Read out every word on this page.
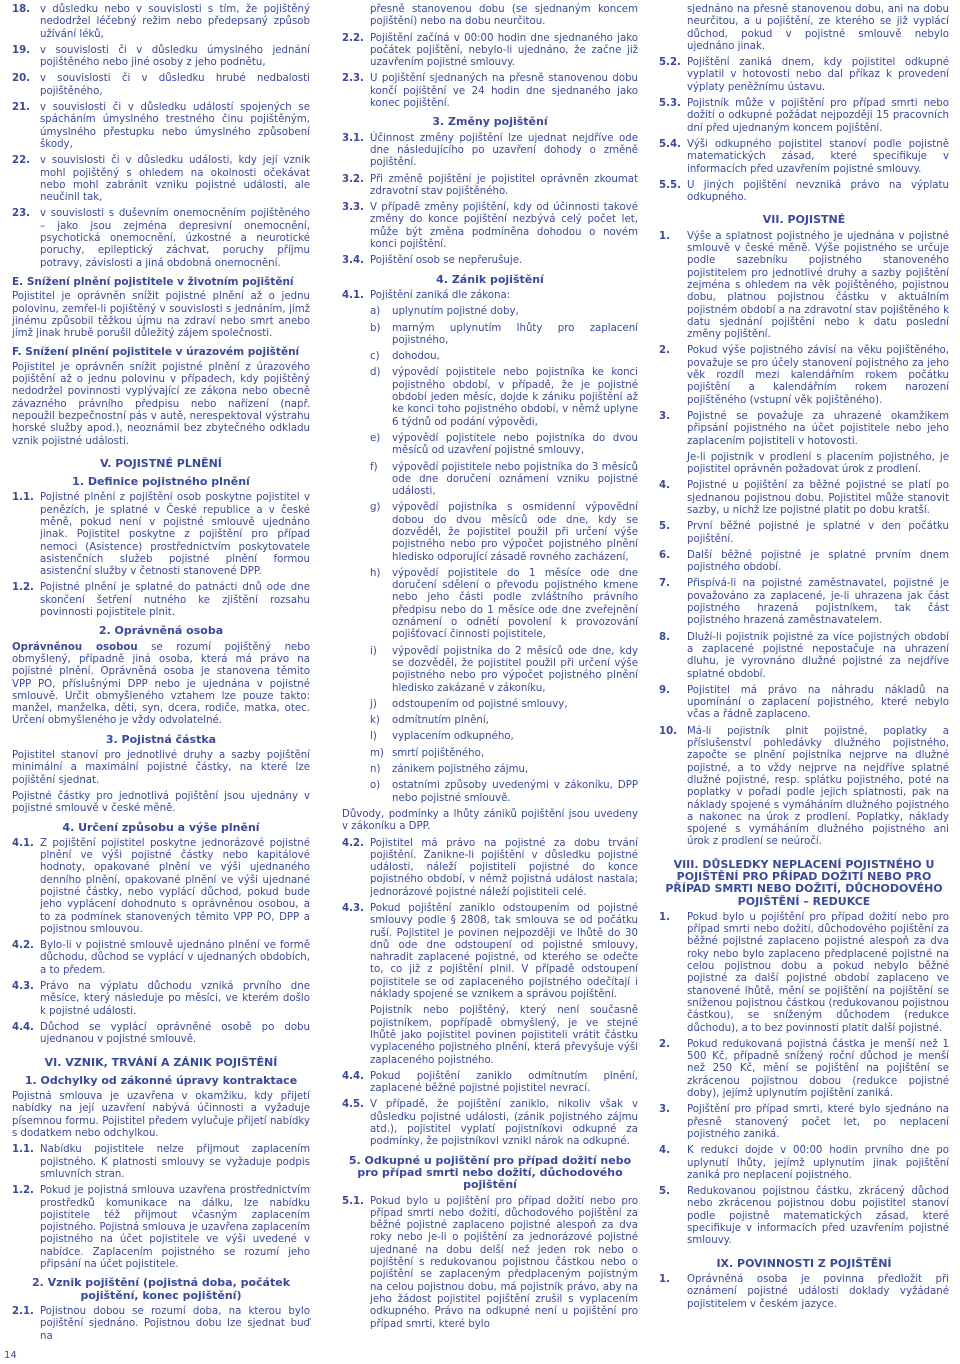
18. v důsledku nebo v souvislosti s tím, že pojištěný nedodržel léčebný režim nebo předepsaný způsob užívání léků,
19. v souvislosti či v důsledku úmyslného jednání pojištěného nebo jiné osoby z jeho podnětu,
20. v souvislosti či v důsledku hrubé nedbalosti pojištěného,
21. v souvislosti či v důsledku událostí spojených se spácháním úmyslného trestného činu pojištěným, úmyslného přestupku nebo úmyslného způsobení škody,
22. v souvislosti či v důsledku události, kdy její vznik mohl pojištěný s ohledem na okolnosti očekávat nebo mohl zabránit vzniku pojistné události, ale neučinil tak,
23. v souvislosti s duševním onemocněním pojištěného – jako jsou zejména depresivní onemocnění, psychotická onemocnění, úzkostné a neurotické poruchy, epileptický záchvat, poruchy příjmu potravy, závislosti a jiná obdobná onemocnění.
E. Snížení plnění pojistitele v životním pojištění
Pojistitel je oprávněn snížit pojistné plnění až o jednu polovinu, zemřel-li pojištěný v souvislosti s jednáním, jímž jinému způsobil těžkou újmu na zdraví nebo smrt anebo jímž jinak hrubě porušil důležitý zájem společnosti.
F. Snížení plnění pojistitele v úrazovém pojištění
Pojistitel je oprávněn snížit pojistné plnění z úrazového pojištění až o jednu polovinu v případech, kdy pojištěný nedodržel povinnosti vyplývající ze zákona nebo obecně závazného právního předpisu nebo nařízení (např. nepoužil bezpečnostní pás v autě, nerespektoval výstrahu horské služby apod.), neoznámil bez zbytečného odkladu vznik pojistné události.
V. POJISTNÉ PLNĚNÍ
1. Definice pojistného plnění
1.1. Pojistné plnění z pojištění osob poskytne pojistitel v penězích, je splatné v České republice a v české měně, pokud není v pojistné smlouvě ujednáno jinak. Pojistitel poskytne z pojištění pro případ nemoci (Asistence) prostřednictvím poskytovatele asistenčních služeb pojistné plnění formou asistenční služby v četnosti stanovené DPP.
1.2. Pojistné plnění je splatné do patnácti dnů ode dne skončení šetření nutného ke zjištění rozsahu povinnosti pojistitele plnit.
2. Oprávněná osoba
Oprávněnou osobou se rozumí pojištěný nebo obmyšlený, případně jiná osoba, která má právo na pojistné plnění. Oprávněná osoba je stanovena těmito VPP PO, příslušnými DPP nebo je ujednána v pojistné smlouvě. Určit obmyšleného vztahem lze pouze takto: manžel, manželka, děti, syn, dcera, rodiče, matka, otec. Určení obmyšleného je vždy odvolatelné.
3. Pojistná částka
Pojistitel stanoví pro jednotlivé druhy a sazby pojištění minimální a maximální pojistné částky, na které lze pojištění sjednat.
Pojistné částky pro jednotlivá pojištění jsou ujednány v pojistné smlouvě v české měně.
4. Určení způsobu a výše plnění
4.1. Z pojištění pojistitel poskytne jednorázové pojistné plnění ve výši pojistné částky nebo kapitálové hodnoty, opakované plnění ve výši ujednaného denního plnění, opakované plnění ve výši ujednané pojistné částky, nebo vyplácí důchod, pokud bude jeho vyplácení dohodnuto s oprávněnou osobou, a to za podmínek stanovených těmito VPP PO, DPP a pojistnou smlouvou.
4.2. Bylo-li v pojistné smlouvě ujednáno plnění ve formě důchodu, důchod se vyplácí v ujednaných obdobích, a to předem.
4.3. Právo na výplatu důchodu vzniká prvního dne měsíce, který následuje po měsíci, ve kterém došlo k pojistné události.
4.4. Důchod se vyplácí oprávněné osobě po dobu ujednanou v pojistné smlouvě.
VI. VZNIK, TRVÁNÍ A ZÁNIK POJIŠTĚNÍ
1. Odchylky od zákonné úpravy kontraktace
Pojistná smlouva je uzavřena v okamžiku, kdy přijetí nabídky na její uzavření nabývá účinnosti a vyžaduje písemnou formu. Pojistitel předem vylučuje přijetí nabídky s dodatkem nebo odchylkou.
1.1. Nabídku pojistitele nelze přijmout zaplacením pojistného. K platnosti smlouvy se vyžaduje podpis smluvních stran.
1.2. Pokud je pojistná smlouva uzavřena prostřednictvím prostředků komunikace na dálku, lze nabídku pojistitele též přijmout včasným zaplacením pojistného. Pojistná smlouva je uzavřena zaplacením pojistného na účet pojistitele ve výši uvedené v nabídce. Zaplacením pojistného se rozumí jeho připsání na účet pojistitele.
2. Vznik pojištění (pojistná doba, počátek pojištění, konec pojištění)
2.1. Pojistnou dobou se rozumí doba, na kterou bylo pojištění sjednáno. Pojistnou dobu lze sjednat buď na
přesně stanovenou dobu (se sjednaným koncem pojištění) nebo na dobu neurčitou.
2.2. Pojištění začíná v 00:00 hodin dne sjednaného jako počátek pojištění, nebylo-li ujednáno, že začne již uzavřením pojistné smlouvy.
2.3. U pojištění sjednaných na přesně stanovenou dobu končí pojištění ve 24 hodin dne sjednaného jako konec pojištění.
3. Změny pojištění
3.1. Účinnost změny pojištění lze ujednat nejdříve ode dne následujícího po uzavření dohody o změně pojištění.
3.2. Při změně pojištění je pojistitel oprávněn zkoumat zdravotní stav pojištěného.
3.3. V případě změny pojištění, kdy od účinnosti takové změny do konce pojištění nezbývá celý počet let, může být změna podmíněna dohodou o novém konci pojištění.
3.4. Pojištění osob se nepřerušuje.
4. Zánik pojištění
4.1. Pojištění zaniká dle zákona:
a)	uplynutím pojistné doby,
b)	marným uplynutím lhůty pro zaplacení pojistného,
c)	dohodou,
d)	výpovědí pojistitele nebo pojistníka ke konci pojistného období, v případě, že je pojistné období jeden měsíc, dojde k zániku pojištění až ke konci toho pojistného období, v němž uplyne 6 týdnů od podání výpovědi,
e)	výpovědí pojistitele nebo pojistníka do dvou měsíců od uzavření pojistné smlouvy,
f)	výpovědí pojistitele nebo pojistníka do 3 měsíců ode dne doručení oznámení vzniku pojistné události,
g)	výpovědí pojistníka s osmidenní výpovědní dobou do dvou měsíců ode dne, kdy se dozvěděl, že pojistitel použil při určení výše pojistného nebo pro výpočet pojistného plnění hledisko odporující zásadě rovného zacházení,
h)	výpovědí pojistitele do 1 měsíce ode dne doručení sdělení o převodu pojistného kmene nebo jeho části podle zvláštního právního předpisu nebo do 1 měsíce ode dne zveřejnění oznámení o odnětí povolení k provozování pojišťovací činnosti pojistitele,
i)	výpovědí pojistníka do 2 měsíců ode dne, kdy se dozvěděl, že pojistitel použil při určení výše pojistného nebo pro výpočet pojistného plnění hledisko zakázané v zákoníku,
j)	odstoupením od pojistné smlouvy,
k)	odmítnutím plnění,
l)	vyplacením odkupného,
m) smrtí pojištěného,
n)	zánikem pojistného zájmu,
o)	ostatními způsoby uvedenými v zákoníku, DPP nebo pojistné smlouvě.
Důvody, podmínky a lhůty zániků pojištění jsou uvedeny v zákoníku a DPP.
4.2. Pojistitel má právo na pojistné za dobu trvání pojištění. Zanikne-li pojištění v důsledku pojistné události, náleží pojistiteli pojistné do konce pojistného období, v němž pojistná událost nastala; jednorázové pojistné náleží pojistiteli celé.
4.3. Pokud pojištění zaniklo odstoupením od pojistné smlouvy podle § 2808, tak smlouva se od počátku ruší. Pojistitel je povinen nejpozději ve lhůtě do 30 dnů ode dne odstoupení od pojistné smlouvy, nahradit zaplacené pojistné, od kterého se odečte to, co již z pojištění plnil. V případě odstoupení pojistitele se od zaplaceného pojistného odečítají i náklady spojené se vznikem a správou pojištění.
Pojistník nebo pojištěný, který není současně pojistníkem, popřípadě obmyšlený, je ve stejné lhůtě jako pojistitel povinen pojistiteli vrátit částku vyplaceného pojistného plnění, která převyšuje výši zaplaceného pojistného.
4.4. Pokud pojištění zaniklo odmítnutím plnění, zaplacené běžné pojistné pojistitel nevrací.
4.5. V případě, že pojištění zaniklo, nikoliv však v důsledku pojistné události, (zánik pojistného zájmu atd.), pojistitel vyplatí pojistníkovi odkupné za podmínky, že pojistníkovi vznikl nárok na odkupné.
5. Odkupné u pojištění pro případ dožití nebo pro případ smrti nebo dožití, důchodového pojištění
5.1. Pokud bylo u pojištění pro případ dožití nebo pro případ smrti nebo dožití, důchodového pojištění za běžné pojistné zaplaceno pojistné alespoň za dva roky nebo je-li o pojištění za jednorázové pojistné ujednané na dobu delší než jeden rok nebo o pojištění s redukovanou pojistnou částkou nebo o pojištění se zaplaceným předplaceným pojistným na celou pojistnou dobu, má pojistník právo, aby na jeho žádost pojistitel pojištění zrušil s vyplacením odkupného. Právo na odkupné není u pojištění pro případ smrti, které bylo
sjednáno na přesně stanovenou dobu, ani na dobu neurčitou, a u pojištění, ze kterého se již vyplácí důchod, pokud v pojistné smlouvě nebylo ujednáno jinak.
5.2. Pojištění zaniká dnem, kdy pojistitel odkupné vyplatil v hotovosti nebo dal příkaz k provedení výplaty peněžnímu ústavu.
5.3. Pojistník může v pojištění pro případ smrti nebo dožití o odkupné požádat nejpozději 15 pracovních dní před ujednaným koncem pojištění.
5.4. Výši odkupného pojistitel stanoví podle pojistně matematických zásad, které specifikuje v informacích před uzavřením pojistné smlouvy.
5.5. U jiných pojištění nevzniká právo na výplatu odkupného.
VII. POJISTNÉ
1.	Výše a splatnost pojistného je ujednána v pojistné smlouvě v české měně. Výše pojistného se určuje podle sazebníku pojistného stanoveného pojistitelem pro jednotlivé druhy a sazby pojištění zejména s ohledem na věk pojištěného, pojistnou dobu, platnou pojistnou částku v aktuálním pojistném období a na zdravotní stav pojištěného k datu sjednání pojištění nebo k datu poslední změny pojištění.
2.	Pokud výše pojistného závisí na věku pojištěného, považuje se pro účely stanovení pojistného za jeho věk rozdíl mezi kalendářním rokem počátku pojištění a kalendářním rokem narození pojištěného (vstupní věk pojištěného).
3.	Pojistné se považuje za uhrazené okamžikem připsání pojistného na účet pojistitele nebo jeho zaplacením pojistiteli v hotovosti.
Je-li pojistník v prodlení s placením pojistného, je pojistitel oprávněn požadovat úrok z prodlení.
4.	Pojistné u pojištění za běžné pojistné se platí po sjednanou pojistnou dobu. Pojistitel může stanovit sazby, u nichž lze pojistné platit po dobu kratší.
5.	První běžné pojistné je splatné v den počátku pojištění.
6.	Další běžné pojistné je splatné prvním dnem pojistného období.
7.	Přispívá-li na pojistné zaměstnavatel, pojistné je považováno za zaplacené, je-li uhrazena jak část pojistného hrazená pojistníkem, tak část pojistného hrazená zaměstnavatelem.
8.	Dluží-li pojistník pojistné za více pojistných období a zaplacené pojistné nepostačuje na uhrazení dluhu, je vyrovnáno dlužné pojistné za nejdříve splatné období.
9.	Pojistitel má právo na náhradu nákladů na upomínání o zaplacení pojistného, které nebylo včas a řádně zaplaceno.
10. Má-li pojistník plnit pojistné, poplatky a příslušenství pohledávky dlužného pojistného, započte se plnění pojistníka nejprve na dlužné pojistné, a to vždy nejprve na nejdříve splatné dlužné pojistné, resp. splátku pojistného, poté na poplatky v pořadí podle jejich splatnosti, pak na náklady spojené s vymáháním dlužného pojistného a nakonec na úrok z prodlení. Poplatky, náklady spojené s vymáháním dlužného pojistného ani úrok z prodlení se neúročí.
VIII. DŮSLEDKY NEPLACENÍ POJISTNÉHO U POJIŠTĚNÍ PRO PŘÍPAD DOŽITÍ NEBO PRO PŘÍPAD SMRTI NEBO DOŽITÍ, DŮCHODOVÉHO POJIŠTĚNÍ – REDUKCE
1.	Pokud bylo u pojištění pro případ dožití nebo pro případ smrti nebo dožití, důchodového pojištění za běžné pojistné zaplaceno pojistné alespoň za dva roky nebo bylo zaplaceno předplacené pojistné na celou pojistnou dobu a pokud nebylo běžné pojistné za další pojistné období zaplaceno ve stanovené lhůtě, mění se pojištění na pojištění se sníženou pojistnou částkou (redukovanou pojistnou částkou), se sníženým důchodem (redukce důchodu), a to bez povinnosti platit další pojistné.
2.	Pokud redukovaná pojistná částka je menší než 1 500 Kč, případně snížený roční důchod je menší než 250 Kč, mění se pojištění na pojištění se zkrácenou pojistnou dobou (redukce pojistné doby), jejímž uplynutím pojištění zaniká.
3.	Pojištění pro případ smrti, které bylo sjednáno na přesně stanovený počet let, po neplacení pojistného zaniká.
4.	K redukci dojde v 00:00 hodin prvního dne po uplynutí lhůty, jejímž uplynutím jinak pojištění zaniká pro neplacení pojistného.
5.	Redukovanou pojistnou částku, zkrácený důchod nebo zkrácenou pojistnou dobu pojistitel stanoví podle pojistně matematických zásad, které specifikuje v informacích před uzavřením pojistné smlouvy.
IX. POVINNOSTI Z POJIŠTĚNÍ
1.	Oprávněná osoba je povinna předložit při oznámení pojistné události doklady vyžádané pojistitelem v českém jazyce.
14
